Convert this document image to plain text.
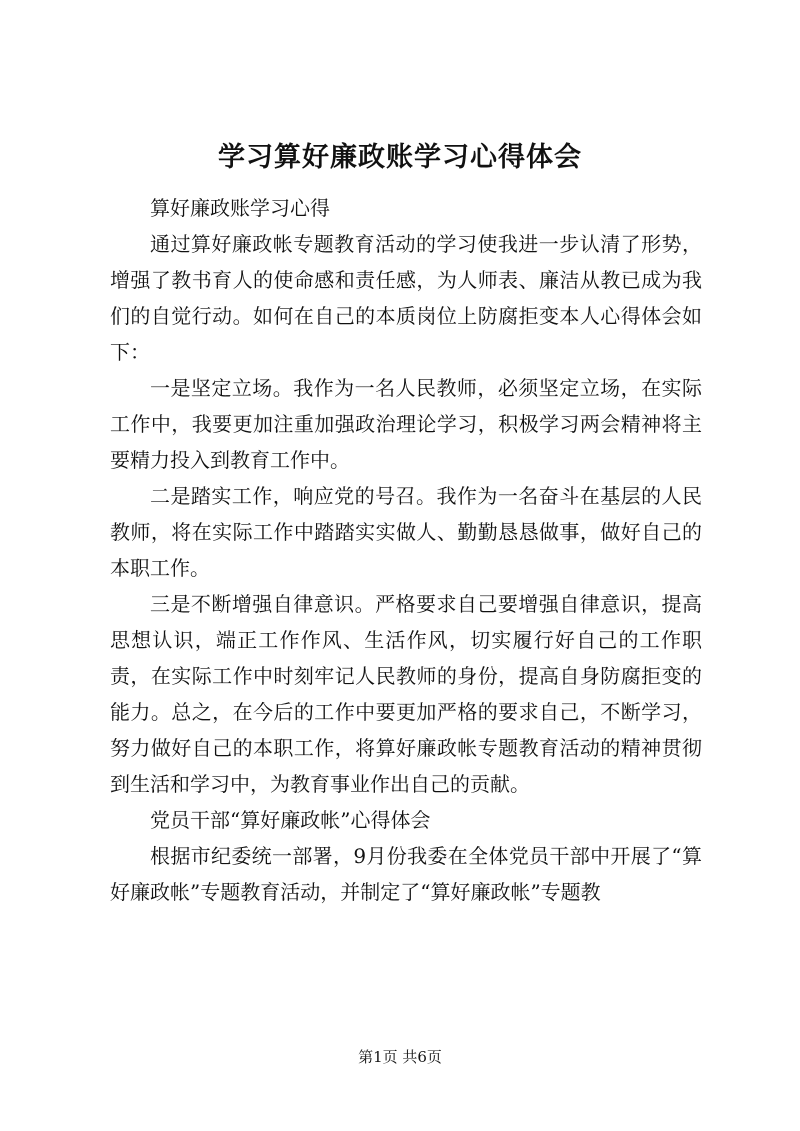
学习算好廉政账学习心得体会

算好廉政账学习心得

通过算好廉政帐专题教育活动的学习使我进一步认清了形势，增强了教书育人的使命感和责任感，为人师表、廉洁从教已成为我们的自觉行动。如何在自己的本质岗位上防腐拒变本人心得体会如下：

一是坚定立场。我作为一名人民教师，必须坚定立场，在实际工作中，我要更加注重加强政治理论学习，积极学习两会精神将主要精力投入到教育工作中。

二是踏实工作，响应党的号召。我作为一名奋斗在基层的人民教师，将在实际工作中踏踏实实做人、勤勤恳恳做事，做好自己的本职工作。

三是不断增强自律意识。严格要求自己要增强自律意识，提高思想认识，端正工作作风、生活作风，切实履行好自己的工作职责，在实际工作中时刻牢记人民教师的身份，提高自身防腐拒变的能力。总之，在今后的工作中要更加严格的要求自己，不断学习，努力做好自己的本职工作，将算好廉政帐专题教育活动的精神贯彻到生活和学习中，为教育事业作出自己的贡献。

党员干部“算好廉政帐”心得体会

根据市纪委统一部署，9月份我委在全体党员干部中开展了“算好廉政帐”专题教育活动，并制定了“算好廉政帐”专题教

第1页 共6页
